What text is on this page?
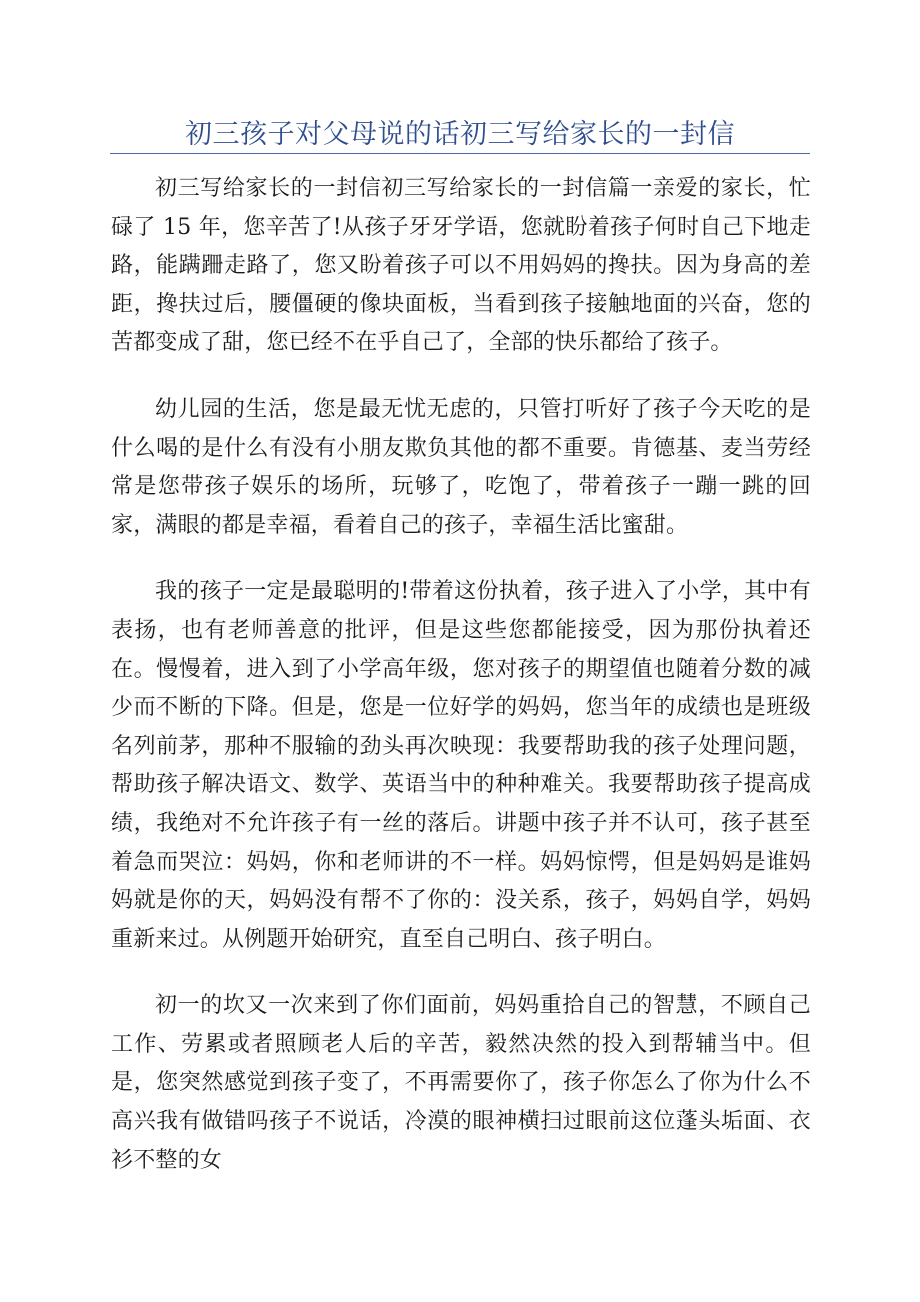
初三孩子对父母说的话初三写给家长的一封信

初三写给家长的一封信初三写给家长的一封信篇一亲爱的家长，忙碌了 15 年，您辛苦了!从孩子牙牙学语，您就盼着孩子何时自己下地走路，能蹒跚走路了，您又盼着孩子可以不用妈妈的搀扶。因为身高的差距，搀扶过后，腰僵硬的像块面板，当看到孩子接触地面的兴奋，您的苦都变成了甜，您已经不在乎自己了，全部的快乐都给了孩子。

幼儿园的生活，您是最无忧无虑的，只管打听好了孩子今天吃的是什么喝的是什么有没有小朋友欺负其他的都不重要。肯德基、麦当劳经常是您带孩子娱乐的场所，玩够了，吃饱了，带着孩子一蹦一跳的回家，满眼的都是幸福，看着自己的孩子，幸福生活比蜜甜。

我的孩子一定是最聪明的!带着这份执着，孩子进入了小学，其中有表扬，也有老师善意的批评，但是这些您都能接受，因为那份执着还在。慢慢着，进入到了小学高年级，您对孩子的期望值也随着分数的减少而不断的下降。但是，您是一位好学的妈妈，您当年的成绩也是班级名列前茅，那种不服输的劲头再次映现：我要帮助我的孩子处理问题，帮助孩子解决语文、数学、英语当中的种种难关。我要帮助孩子提高成绩，我绝对不允许孩子有一丝的落后。讲题中孩子并不认可，孩子甚至着急而哭泣：妈妈，你和老师讲的不一样。妈妈惊愕，但是妈妈是谁妈妈就是你的天，妈妈没有帮不了你的：没关系，孩子，妈妈自学，妈妈重新来过。从例题开始研究，直至自己明白、孩子明白。

初一的坎又一次来到了你们面前，妈妈重拾自己的智慧，不顾自己工作、劳累或者照顾老人后的辛苦，毅然决然的投入到帮辅当中。但是，您突然感觉到孩子变了，不再需要你了，孩子你怎么了你为什么不高兴我有做错吗孩子不说话，冷漠的眼神横扫过眼前这位蓬头垢面、衣衫不整的女
